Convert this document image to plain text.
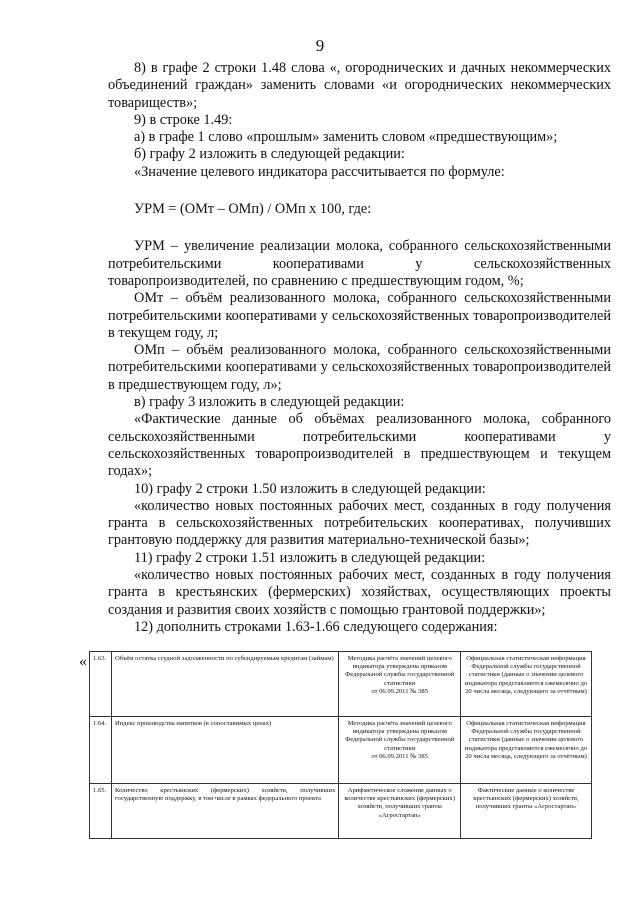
9

8) в графе 2 строки 1.48 слова «, огороднических и дачных некоммерческих объединений граждан» заменить словами «и огороднических некоммерческих товариществ»;

9) в строке 1.49:

а) в графе 1 слово «прошлым» заменить словом «предшествующим»;

б) графу 2 изложить в следующей редакции:

«Значение целевого индикатора рассчитывается по формуле:

УРМ = (ОМт – ОМп) / ОМп х 100, где:

УРМ – увеличение реализации молока, собранного сельскохозяйственными потребительскими кооперативами у сельскохозяйственных товаропроизводителей, по сравнению с предшествующим годом, %;

ОМт – объём реализованного молока, собранного сельскохозяйственными потребительскими кооперативами у сельскохозяйственных товаропроизводителей в текущем году, л;

ОМп – объём реализованного молока, собранного сельскохозяйственными потребительскими кооперативами у сельскохозяйственных товаропроизводителей в предшествующем году, л»;

в) графу 3 изложить в следующей редакции:

«Фактические данные об объёмах реализованного молока, собранного сельскохозяйственными потребительскими кооперативами у сельскохозяйственных товаропроизводителей в предшествующем и текущем годах»;

10) графу 2 строки 1.50 изложить в следующей редакции:

«количество новых постоянных рабочих мест, созданных в году получения гранта в сельскохозяйственных потребительских кооперативах, получивших грантовую поддержку для развития материально-технической базы»;

11) графу 2 строки 1.51 изложить в следующей редакции:

«количество новых постоянных рабочих мест, созданных в году получения гранта в крестьянских (фермерских) хозяйствах, осуществляющих проекты создания и развития своих хозяйств с помощью грантовой поддержки»;

12) дополнить строками 1.63-1.66 следующего содержания:

« 1.63.	Объём остатка ссудной задолженности по субсидируемым кредитам (займам)	Методика расчёта значений целевого индикатора утверждена приказом Федеральной службы государственной статистики
от 06.09.2011 № 385	Официальная статистическая информация Федеральной службы государственной статистики (данные о значении целевого индикатора представляются ежемесячно до 20 числа месяца, следующего за отчётным)
1.64.	Индекс производства напитков (в сопоставимых ценах)	Методика расчёта значений целевого индикатора утверждена приказом Федеральной службы государственной статистики
от 06.09.2011 № 385	Официальная статистическая информация Федеральной службы государственной статистики (данные о значении целевого индикатора представляются ежемесячно до 20 числа месяца, следующего за отчётным)
1.65.	Количество крестьянских (фермерских) хозяйств, получивших государственную поддержку, в том числе в рамках федерального проекта	Арифметическое сложение данных о количестве крестьянских (фермерских) хозяйств, получивших гранты «Агростартап»	Фактические данные о количестве крестьянских (фермерских) хозяйств, получивших гранты «Агростартап»
